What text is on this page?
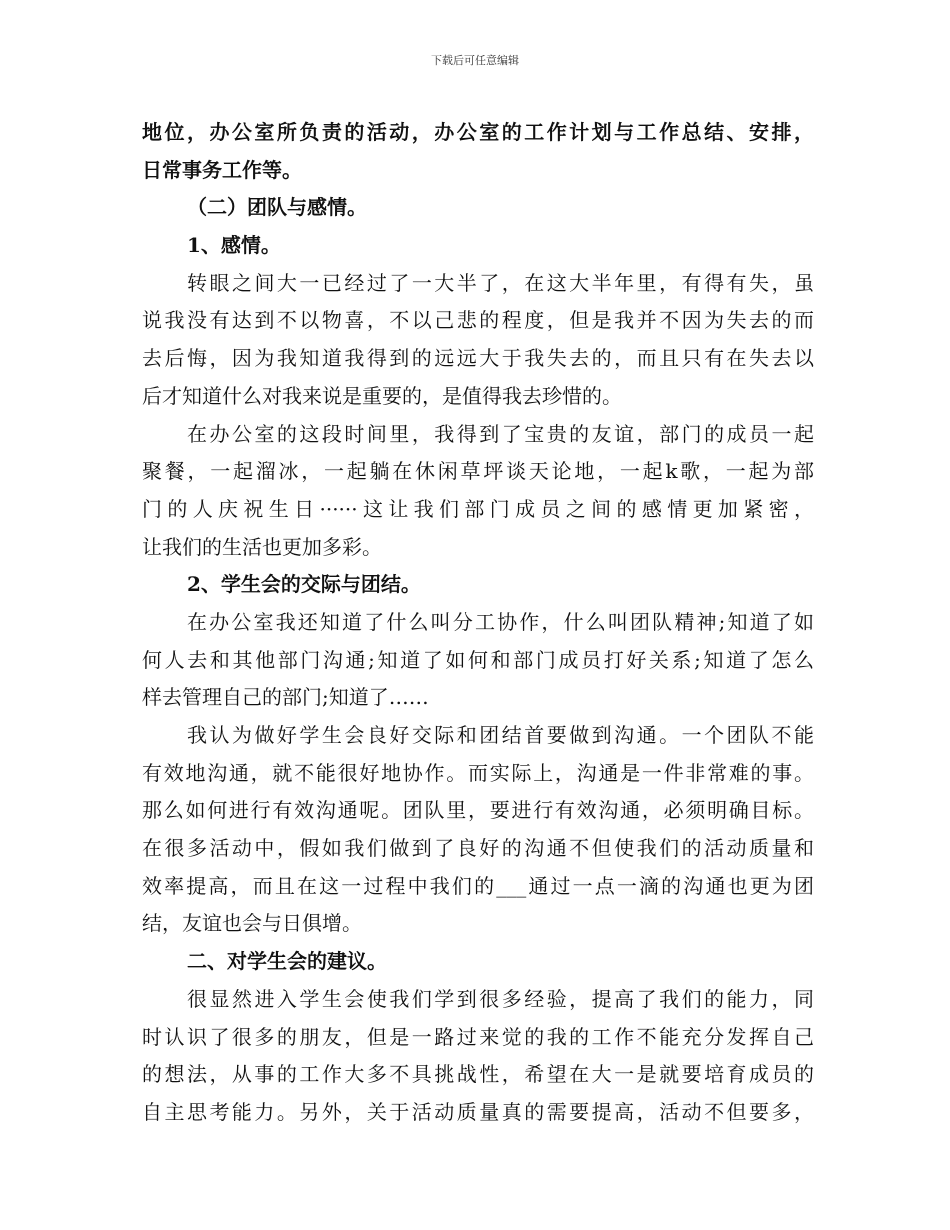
下载后可任意编辑
地位，办公室所负责的活动，办公室的工作计划与工作总结、安排，
日常事务工作等。
（二）团队与感情。
1、感情。
转眼之间大一已经过了一大半了，在这大半年里，有得有失，虽
说我没有达到不以物喜，不以己悲的程度，但是我并不因为失去的而
去后悔，因为我知道我得到的远远大于我失去的，而且只有在失去以
后才知道什么对我来说是重要的，是值得我去珍惜的。
在办公室的这段时间里，我得到了宝贵的友谊，部门的成员一起
聚餐，一起溜冰，一起躺在休闲草坪谈天论地，一起k歌，一起为部
门的人庆祝生日······这让我们部门成员之间的感情更加紧密，
让我们的生活也更加多彩。
2、学生会的交际与团结。
在办公室我还知道了什么叫分工协作，什么叫团队精神;知道了如
何人去和其他部门沟通;知道了如何和部门成员打好关系;知道了怎么
样去管理自己的部门;知道了……
我认为做好学生会良好交际和团结首要做到沟通。一个团队不能
有效地沟通，就不能很好地协作。而实际上，沟通是一件非常难的事。
那么如何进行有效沟通呢。团队里，要进行有效沟通，必须明确目标。
在很多活动中，假如我们做到了良好的沟通不但使我们的活动质量和
效率提高，而且在这一过程中我们的___通过一点一滴的沟通也更为团
结，友谊也会与日俱增。
二、对学生会的建议。
很显然进入学生会使我们学到很多经验，提高了我们的能力，同
时认识了很多的朋友，但是一路过来觉的我的工作不能充分发挥自己
的想法，从事的工作大多不具挑战性，希望在大一是就要培育成员的
自主思考能力。另外，关于活动质量真的需要提高，活动不但要多，
